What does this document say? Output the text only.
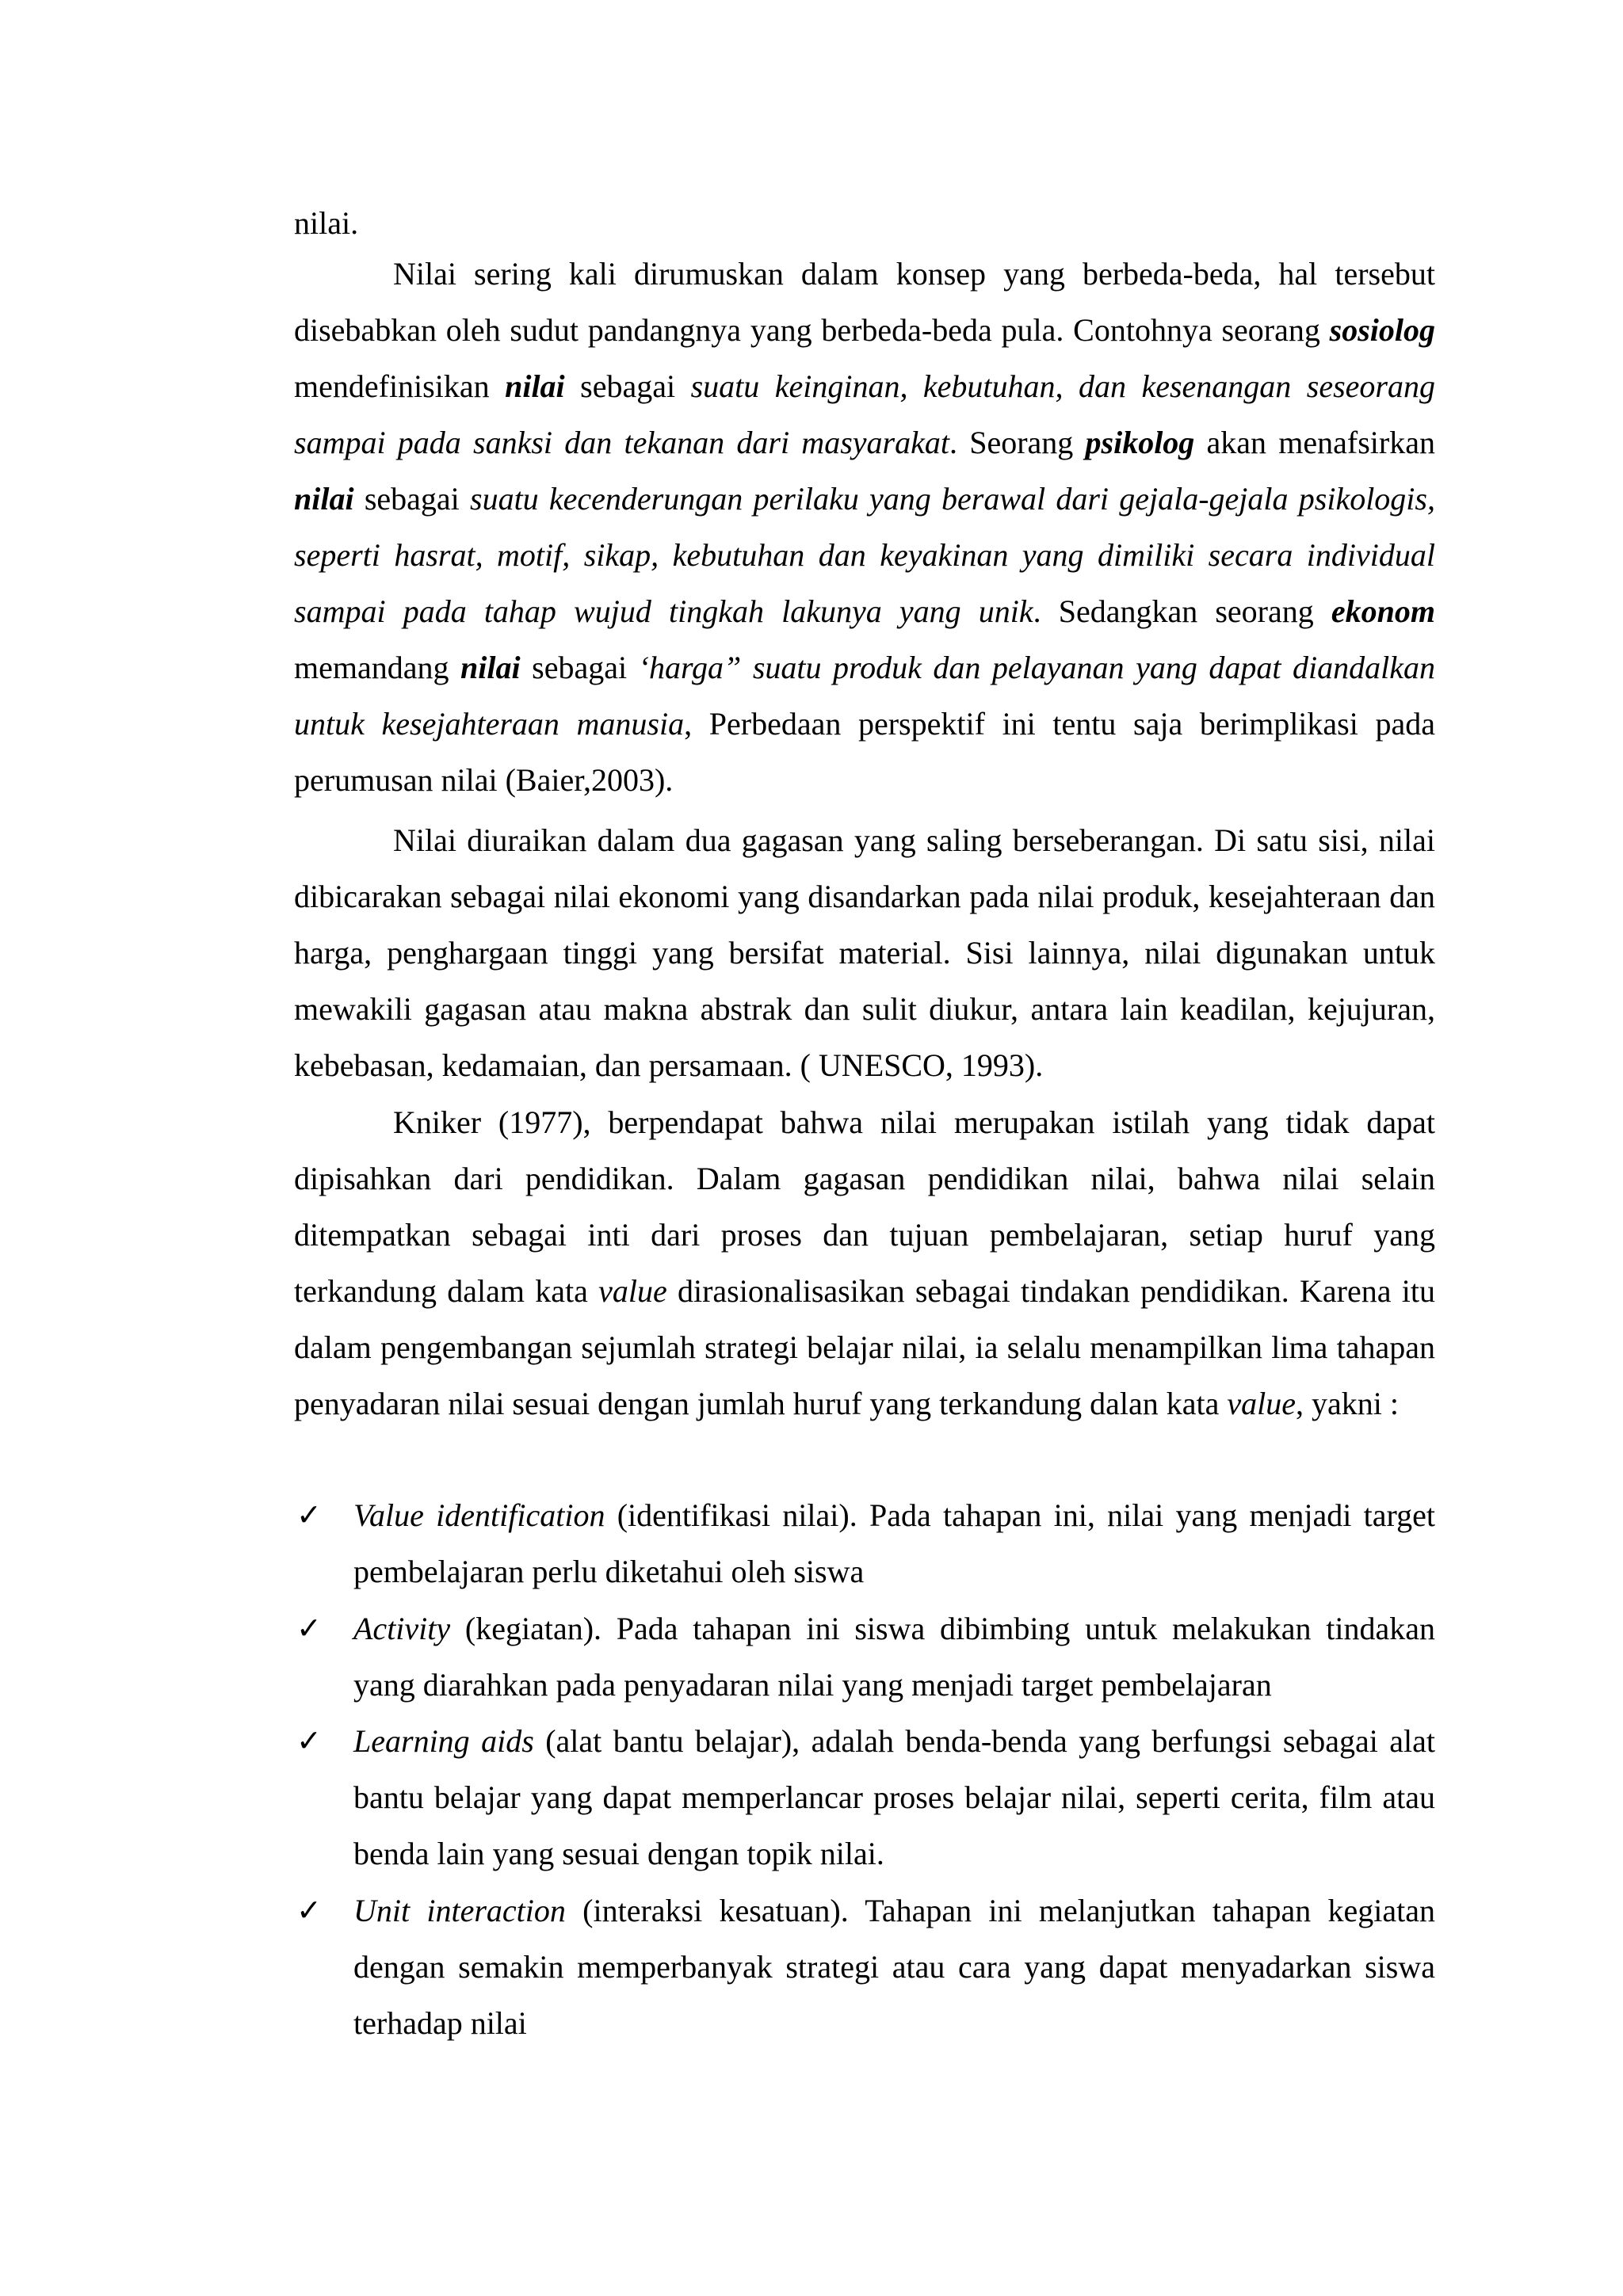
nilai.

Nilai sering kali dirumuskan dalam konsep yang berbeda-beda, hal tersebut disebabkan oleh sudut pandangnya yang berbeda-beda pula. Contohnya seorang sosiolog mendefinisikan nilai sebagai suatu keinginan, kebutuhan, dan kesenangan seseorang sampai pada sanksi dan tekanan dari masyarakat. Seorang psikolog akan menafsirkan nilai sebagai suatu kecenderungan perilaku yang berawal dari gejala-gejala psikologis, seperti hasrat, motif, sikap, kebutuhan dan keyakinan yang dimiliki secara individual sampai pada tahap wujud tingkah lakunya yang unik. Sedangkan seorang ekonom memandang nilai sebagai ‘harga” suatu produk dan pelayanan yang dapat diandalkan untuk kesejahteraan manusia, Perbedaan perspektif ini tentu saja berimplikasi pada perumusan nilai (Baier,2003).

Nilai diuraikan dalam dua gagasan yang saling berseberangan. Di satu sisi, nilai dibicarakan sebagai nilai ekonomi yang disandarkan pada nilai produk, kesejahteraan dan harga, penghargaan tinggi yang bersifat material. Sisi lainnya, nilai digunakan untuk mewakili gagasan atau makna abstrak dan sulit diukur, antara lain keadilan, kejujuran, kebebasan, kedamaian, dan persamaan. ( UNESCO, 1993).

Kniker (1977), berpendapat bahwa nilai merupakan istilah yang tidak dapat dipisahkan dari pendidikan. Dalam gagasan pendidikan nilai, bahwa nilai selain ditempatkan sebagai inti dari proses dan tujuan pembelajaran, setiap huruf yang terkandung dalam kata value dirasionalisasikan sebagai tindakan pendidikan. Karena itu dalam pengembangan sejumlah strategi belajar nilai, ia selalu menampilkan lima tahapan penyadaran nilai sesuai dengan jumlah huruf yang terkandung dalan kata value, yakni :

✓ Value identification (identifikasi nilai). Pada tahapan ini, nilai yang menjadi target pembelajaran perlu diketahui oleh siswa

✓ Activity (kegiatan). Pada tahapan ini siswa dibimbing untuk melakukan tindakan yang diarahkan pada penyadaran nilai yang menjadi target pembelajaran

✓ Learning aids (alat bantu belajar), adalah benda-benda yang berfungsi sebagai alat bantu belajar yang dapat memperlancar proses belajar nilai, seperti cerita, film atau benda lain yang sesuai dengan topik nilai.

✓ Unit interaction (interaksi kesatuan). Tahapan ini melanjutkan tahapan kegiatan dengan semakin memperbanyak strategi atau cara yang dapat menyadarkan siswa terhadap nilai
